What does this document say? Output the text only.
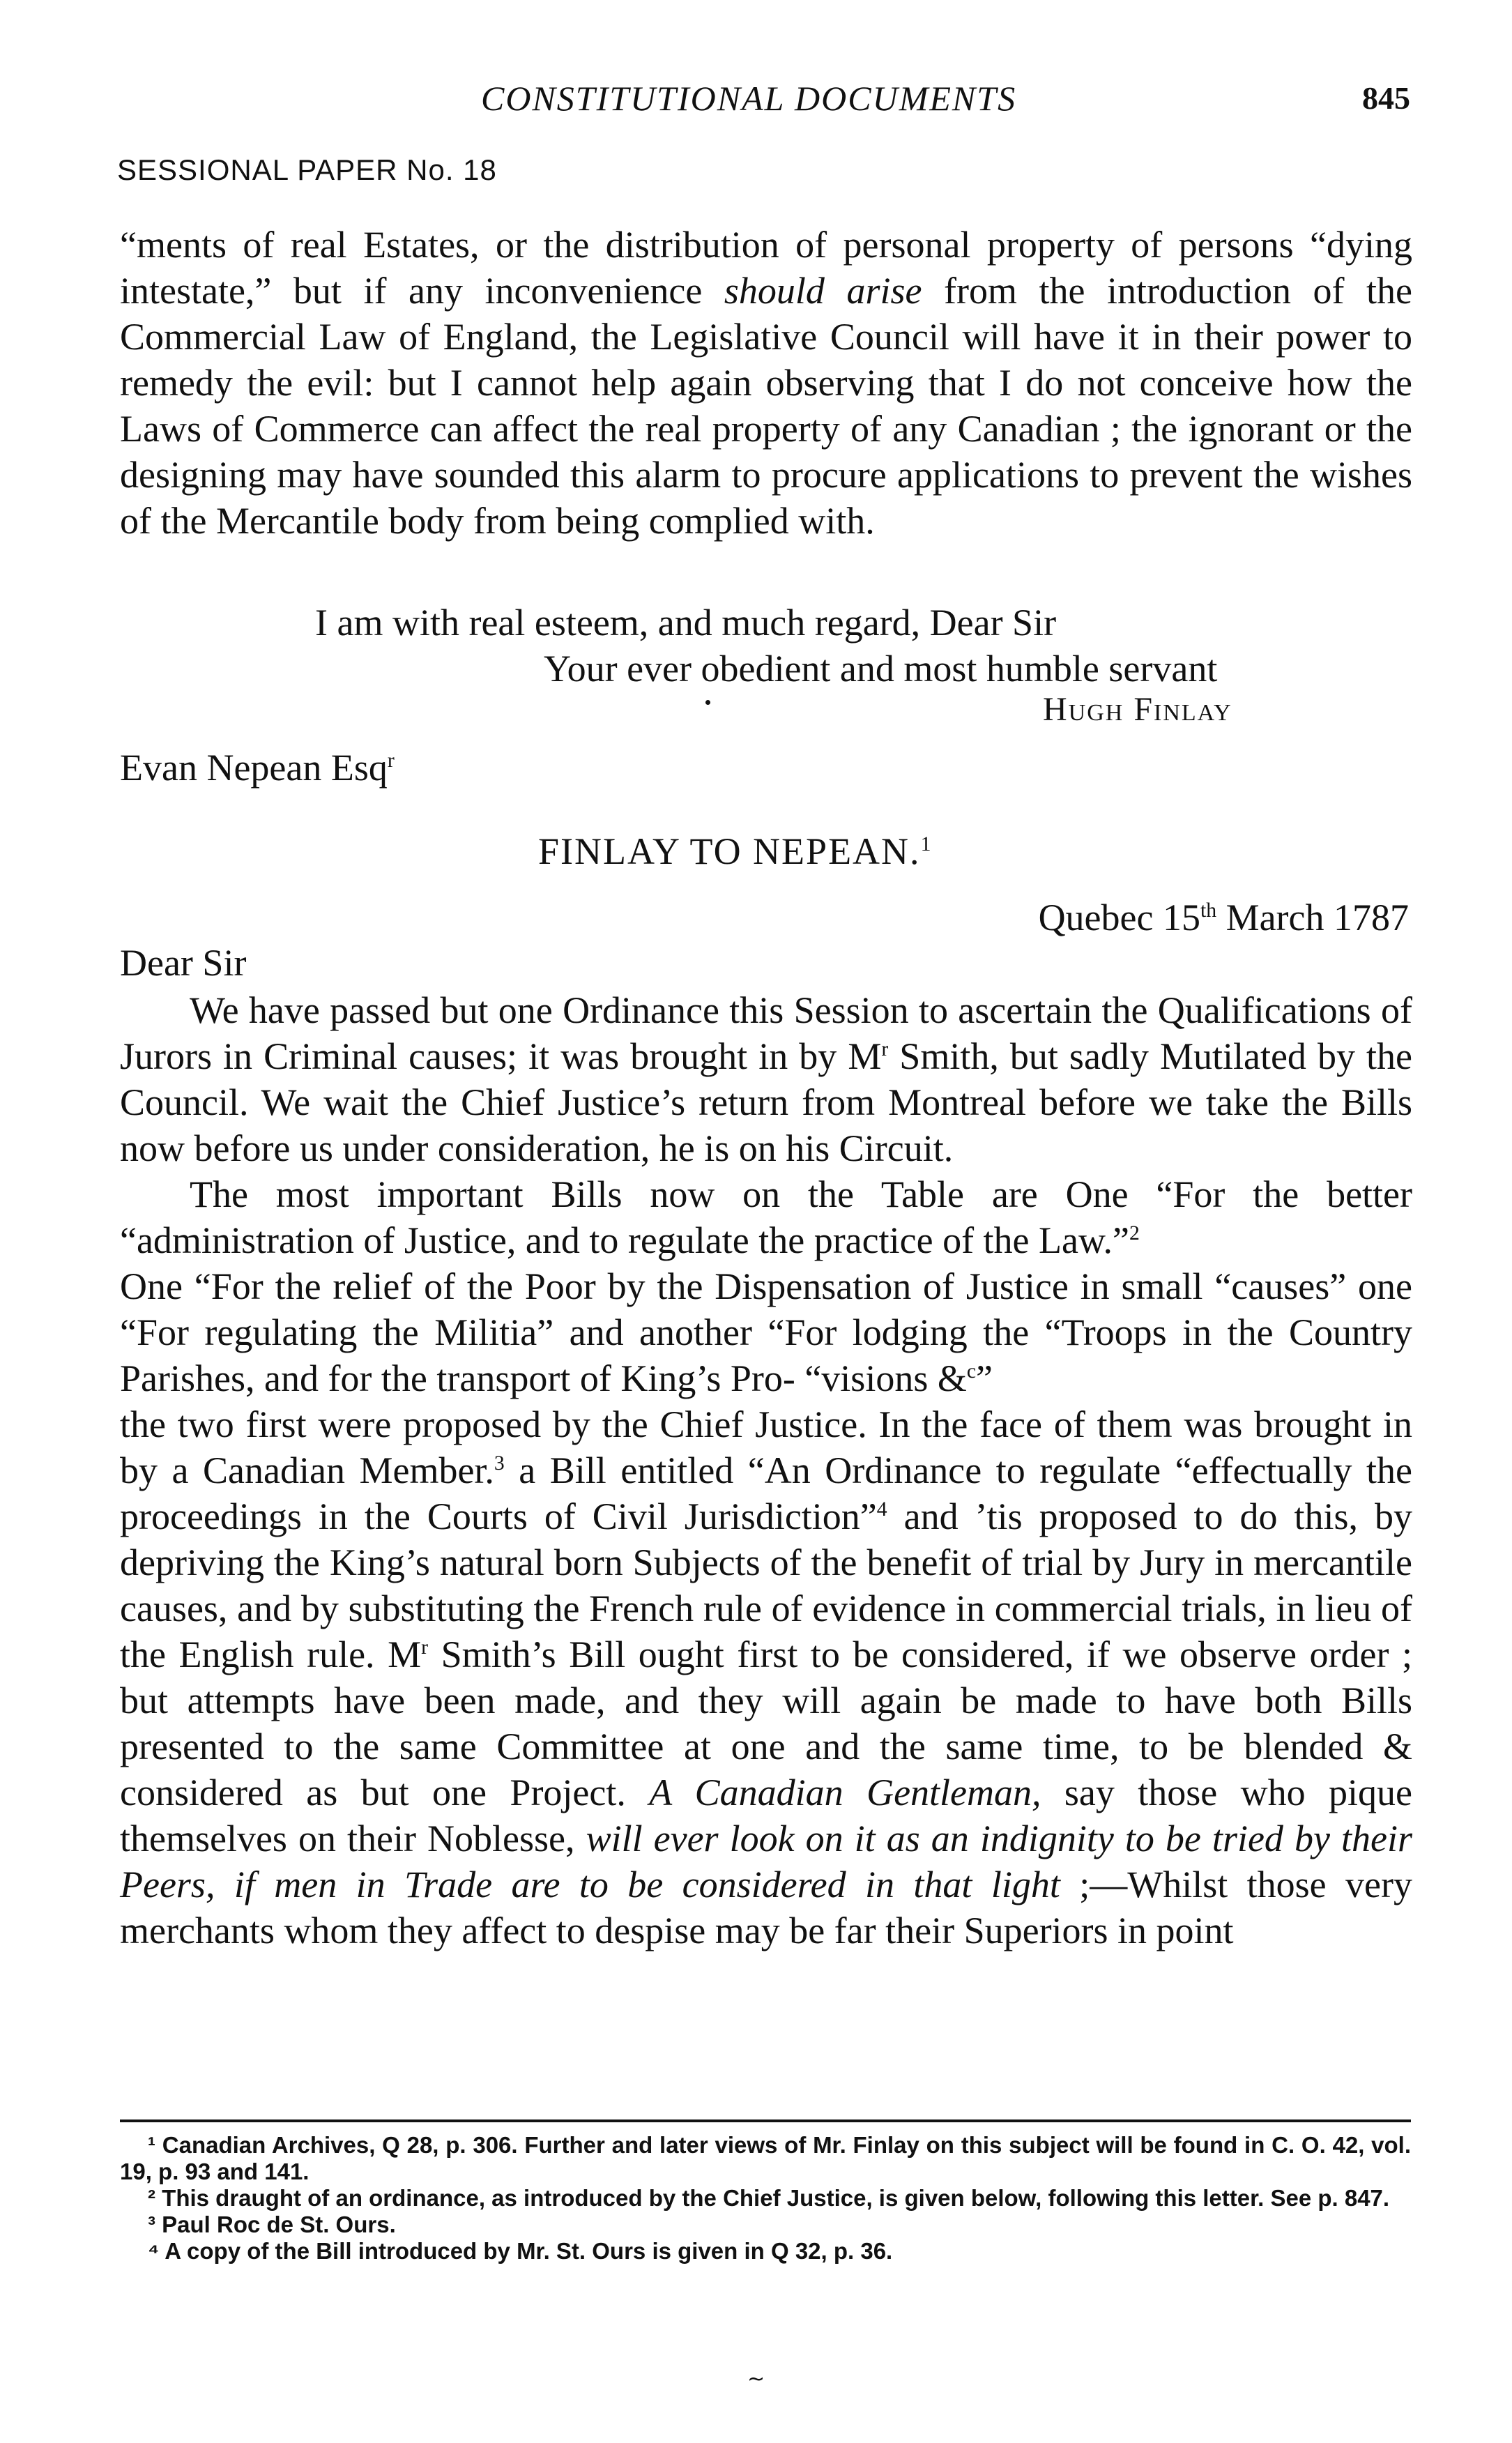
CONSTITUTIONAL DOCUMENTS	845
SESSIONAL PAPER No. 18

“ments of real Estates, or the distribution of personal property of persons “dying intestate,” but if any inconvenience should arise from the introduction of the Commercial Law of England, the Legislative Council will have it in their power to remedy the evil: but I cannot help again observing that I do not conceive how the Laws of Commerce can affect the real property of any Canadian ; the ignorant or the designing may have sounded this alarm to procure applications to prevent the wishes of the Mercantile body from being complied with.

I am with real esteem, and much regard, Dear Sir
Your ever obedient and most humble servant
Hugh Finlay
Evan Nepean Esq$^r$
FINLAY TO NEPEAN.$^1$
Quebec 15th March 1787
Dear Sir

We have passed but one Ordinance this Session to ascertain the Qualifications of Jurors in Criminal causes; it was brought in by $M^r$ Smith, but sadly Mutilated by the Council. We wait the Chief Justice’s return from Montreal before we take the Bills now before us under consideration, he is on his Circuit.

The most important Bills now on the Table are One “For the better “administration of Justice, and to regulate the practice of the Law.”$^2$

One “For the relief of the Poor by the Dispensation of Justice in small “causes” one “For regulating the Militia” and another “For lodging the “Troops in the Country Parishes, and for the transport of King’s Pro- “visions &$^c$”

the two first were proposed by the Chief Justice. In the face of them was brought in by a Canadian Member.$^3$ a Bill entitled “An Ordinance to regulate “effectually the proceedings in the Courts of Civil Jurisdiction”$^4$ and ’tis proposed to do this, by depriving the King’s natural born Subjects of the benefit of trial by Jury in mercantile causes, and by substituting the French rule of evidence in commercial trials, in lieu of the English rule. $M^r$ Smith’s Bill ought first to be considered, if we observe order ; but attempts have been made, and they will again be made to have both Bills presented to the same Committee at one and the same time, to be blended & considered as but one Project. A Canadian Gentleman, say those who pique themselves on their Noblesse, will ever look on it as an indignity to be tried by their Peers, if men in Trade are to be considered in that light ;—Whilst those very merchants whom they affect to despise may be far their Superiors in point

¹ Canadian Archives, Q 28, p. 306. Further and later views of Mr. Finlay on this subject will be found in C. O. 42, vol. 19, p. 93 and 141.

² This draught of an ordinance, as introduced by the Chief Justice, is given below, following this letter. See p. 847.

³ Paul Roc de St. Ours.

⁴ A copy of the Bill introduced by Mr. St. Ours is given in Q 32, p. 36.

~
